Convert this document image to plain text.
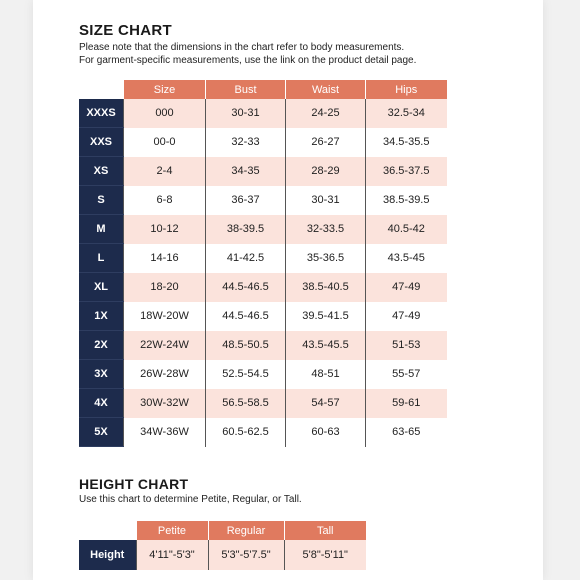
SIZE CHART

Please note that the dimensions in the chart refer to body measurements.
For garment-specific measurements, use the link on the product detail page.

	Size	Bust	Waist	Hips
XXXS	000	30-31	24-25	32.5-34
XXS	00-0	32-33	26-27	34.5-35.5
XS	2-4	34-35	28-29	36.5-37.5
S	6-8	36-37	30-31	38.5-39.5
M	10-12	38-39.5	32-33.5	40.5-42
L	14-16	41-42.5	35-36.5	43.5-45
XL	18-20	44.5-46.5	38.5-40.5	47-49
1X	18W-20W	44.5-46.5	39.5-41.5	47-49
2X	22W-24W	48.5-50.5	43.5-45.5	51-53
3X	26W-28W	52.5-54.5	48-51	55-57
4X	30W-32W	56.5-58.5	54-57	59-61
5X	34W-36W	60.5-62.5	60-63	63-65
HEIGHT CHART

Use this chart to determine Petite, Regular, or Tall.

	Petite	Regular	Tall
Height	4'11"-5'3"	5'3"-5'7.5"	5'8"-5'11"
